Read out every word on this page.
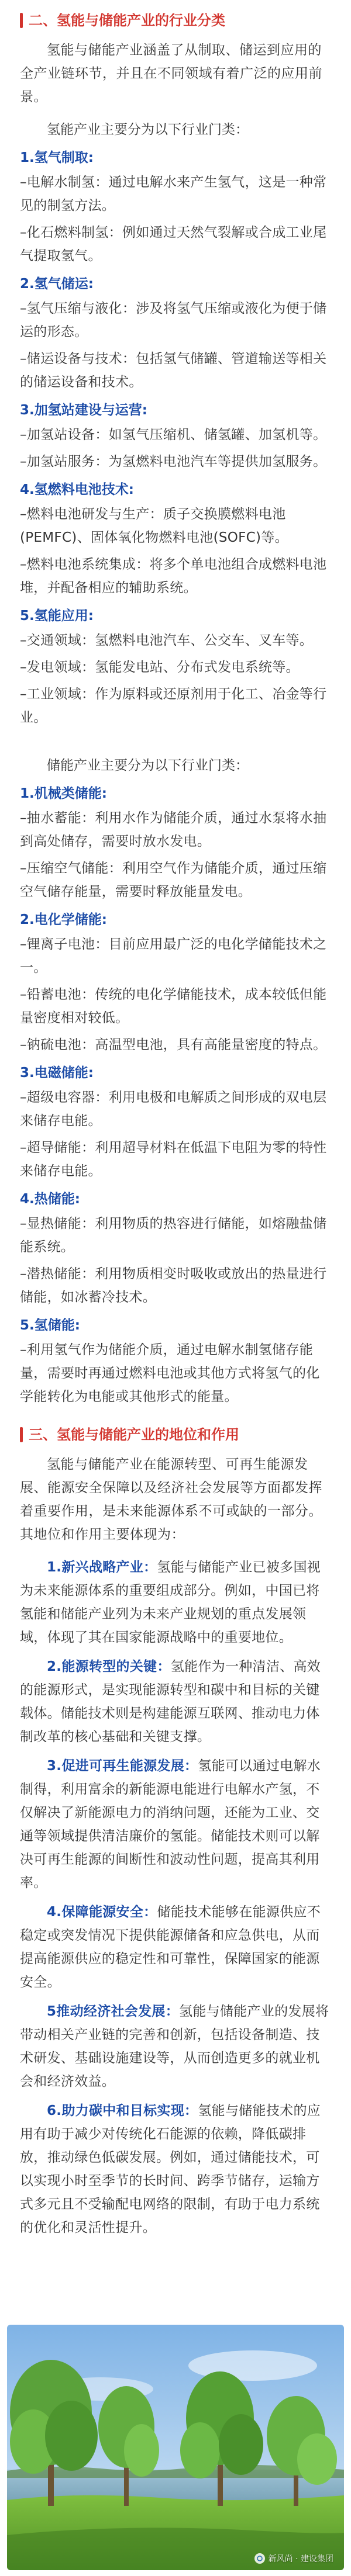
二、氢能与储能产业的行业分类

氢能与储能产业涵盖了从制取、储运到应用的全产业链环节，并且在不同领域有着广泛的应用前景。

氢能产业主要分为以下行业门类：

1.氢气制取:

–电解水制氢：通过电解水来产生氢气，这是一种常见的制氢方法。

–化石燃料制氢：例如通过天然气裂解或合成工业尾气提取氢气。

2.氢气储运:

–氢气压缩与液化：涉及将氢气压缩或液化为便于储运的形态。

–储运设备与技术：包括氢气储罐、管道输送等相关的储运设备和技术。

3.加氢站建设与运营:

–加氢站设备：如氢气压缩机、储氢罐、加氢机等。

–加氢站服务：为氢燃料电池汽车等提供加氢服务。

4.氢燃料电池技术:

–燃料电池研发与生产：质子交换膜燃料电池(PEMFC)、固体氧化物燃料电池(SOFC)等。

–燃料电池系统集成：将多个单电池组合成燃料电池堆，并配备相应的辅助系统。

5.氢能应用:

–交通领域：氢燃料电池汽车、公交车、叉车等。

–发电领域：氢能发电站、分布式发电系统等。

–工业领域：作为原料或还原剂用于化工、冶金等行业。

储能产业主要分为以下行业门类：

1.机械类储能:

–抽水蓄能：利用水作为储能介质，通过水泵将水抽到高处储存，需要时放水发电。

–压缩空气储能：利用空气作为储能介质，通过压缩空气储存能量，需要时释放能量发电。

2.电化学储能:

–锂离子电池：目前应用最广泛的电化学储能技术之一。

–铅蓄电池：传统的电化学储能技术，成本较低但能量密度相对较低。

–钠硫电池：高温型电池，具有高能量密度的特点。

3.电磁储能:

–超级电容器：利用电极和电解质之间形成的双电层来储存电能。

–超导储能：利用超导材料在低温下电阻为零的特性来储存电能。

4.热储能:

–显热储能：利用物质的热容进行储能，如熔融盐储能系统。

–潜热储能：利用物质相变时吸收或放出的热量进行储能，如冰蓄冷技术。

5.氢储能:

–利用氢气作为储能介质，通过电解水制氢储存能量，需要时再通过燃料电池或其他方式将氢气的化学能转化为电能或其他形式的能量。

三、氢能与储能产业的地位和作用

氢能与储能产业在能源转型、可再生能源发展、能源安全保障以及经济社会发展等方面都发挥着重要作用，是未来能源体系不可或缺的一部分。其地位和作用主要体现为：

1.新兴战略产业：氢能与储能产业已被多国视为未来能源体系的重要组成部分。例如，中国已将氢能和储能产业列为未来产业规划的重点发展领域，体现了其在国家能源战略中的重要地位。

2.能源转型的关键：氢能作为一种清洁、高效的能源形式，是实现能源转型和碳中和目标的关键载体。储能技术则是构建能源互联网、推动电力体制改革的核心基础和关键支撑。

3.促进可再生能源发展：氢能可以通过电解水制得，利用富余的新能源电能进行电解水产氢，不仅解决了新能源电力的消纳问题，还能为工业、交通等领域提供清洁廉价的氢能。储能技术则可以解决可再生能源的间断性和波动性问题，提高其利用率。

4.保障能源安全：储能技术能够在能源供应不稳定或突发情况下提供能源储备和应急供电，从而提高能源供应的稳定性和可靠性，保障国家的能源安全。

5推动经济社会发展：氢能与储能产业的发展将带动相关产业链的完善和创新，包括设备制造、技术研发、基础设施建设等，从而创造更多的就业机会和经济效益。

6.助力碳中和目标实现：氢能与储能技术的应用有助于减少对传统化石能源的依赖，降低碳排放，推动绿色低碳发展。例如，通过储能技术，可以实现小时至季节的长时间、跨季节储存，运输方式多元且不受输配电网络的限制，有助于电力系统的优化和灵活性提升。

新风尚 · 建设集团
